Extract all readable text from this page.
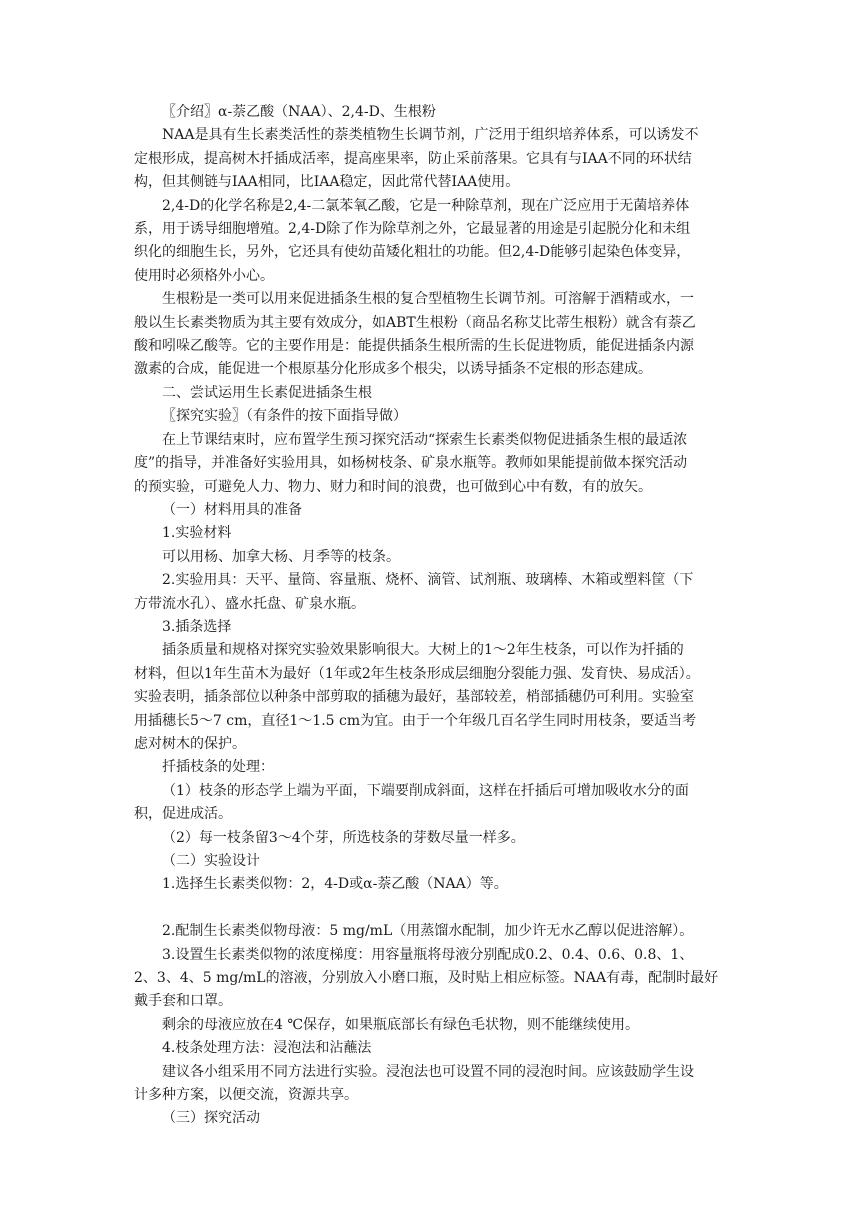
〖介绍〗α-萘乙酸（NAA）、2,4-D、生根粉

NAA是具有生长素类活性的萘类植物生长调节剂，广泛用于组织培养体系，可以诱发不

定根形成，提高树木扦插成活率，提高座果率，防止采前落果。它具有与IAA不同的环状结

构，但其侧链与IAA相同，比IAA稳定，因此常代替IAA使用。

2,4-D的化学名称是2,4-二氯苯氧乙酸，它是一种除草剂，现在广泛应用于无菌培养体

系，用于诱导细胞增殖。2,4-D除了作为除草剂之外，它最显著的用途是引起脱分化和未组

织化的细胞生长，另外，它还具有使幼苗矮化粗壮的功能。但2,4-D能够引起染色体变异，

使用时必须格外小心。

生根粉是一类可以用来促进插条生根的复合型植物生长调节剂。可溶解于酒精或水，一

般以生长素类物质为其主要有效成分，如ABT生根粉（商品名称艾比蒂生根粉）就含有萘乙

酸和吲哚乙酸等。它的主要作用是：能提供插条生根所需的生长促进物质，能促进插条内源

激素的合成，能促进一个根原基分化形成多个根尖，以诱导插条不定根的形态建成。

二、尝试运用生长素促进插条生根

〖探究实验〗（有条件的按下面指导做）

在上节课结束时，应布置学生预习探究活动“探索生长素类似物促进插条生根的最适浓

度”的指导，并准备好实验用具，如杨树枝条、矿泉水瓶等。教师如果能提前做本探究活动

的预实验，可避免人力、物力、财力和时间的浪费，也可做到心中有数，有的放矢。

（一）材料用具的准备

1.实验材料

可以用杨、加拿大杨、月季等的枝条。

2.实验用具：天平、量筒、容量瓶、烧杯、滴管、试剂瓶、玻璃棒、木箱或塑料筐（下

方带流水孔）、盛水托盘、矿泉水瓶。

3.插条选择

插条质量和规格对探究实验效果影响很大。大树上的1～2年生枝条，可以作为扦插的

材料，但以1年生苗木为最好（1年或2年生枝条形成层细胞分裂能力强、发育快、易成活）。

实验表明，插条部位以种条中部剪取的插穗为最好，基部较差，梢部插穗仍可利用。实验室

用插穗长5～7 cm，直径1～1.5 cm为宜。由于一个年级几百名学生同时用枝条，要适当考

虑对树木的保护。

扦插枝条的处理：

（1）枝条的形态学上端为平面，下端要削成斜面，这样在扦插后可增加吸收水分的面

积，促进成活。

（2）每一枝条留3～4个芽，所选枝条的芽数尽量一样多。

（二）实验设计

1.选择生长素类似物：2，4-D或α-萘乙酸（NAA）等。

2.配制生长素类似物母液：5 mg/mL（用蒸馏水配制，加少许无水乙醇以促进溶解）。

3.设置生长素类似物的浓度梯度：用容量瓶将母液分别配成0.2、0.4、0.6、0.8、1、

2、3、4、5 mg/mL的溶液，分别放入小磨口瓶，及时贴上相应标签。NAA有毒，配制时最好

戴手套和口罩。

剩余的母液应放在4 ℃保存，如果瓶底部长有绿色毛状物，则不能继续使用。

4.枝条处理方法：浸泡法和沾蘸法

建议各小组采用不同方法进行实验。浸泡法也可设置不同的浸泡时间。应该鼓励学生设

计多种方案，以便交流，资源共享。

（三）探究活动
